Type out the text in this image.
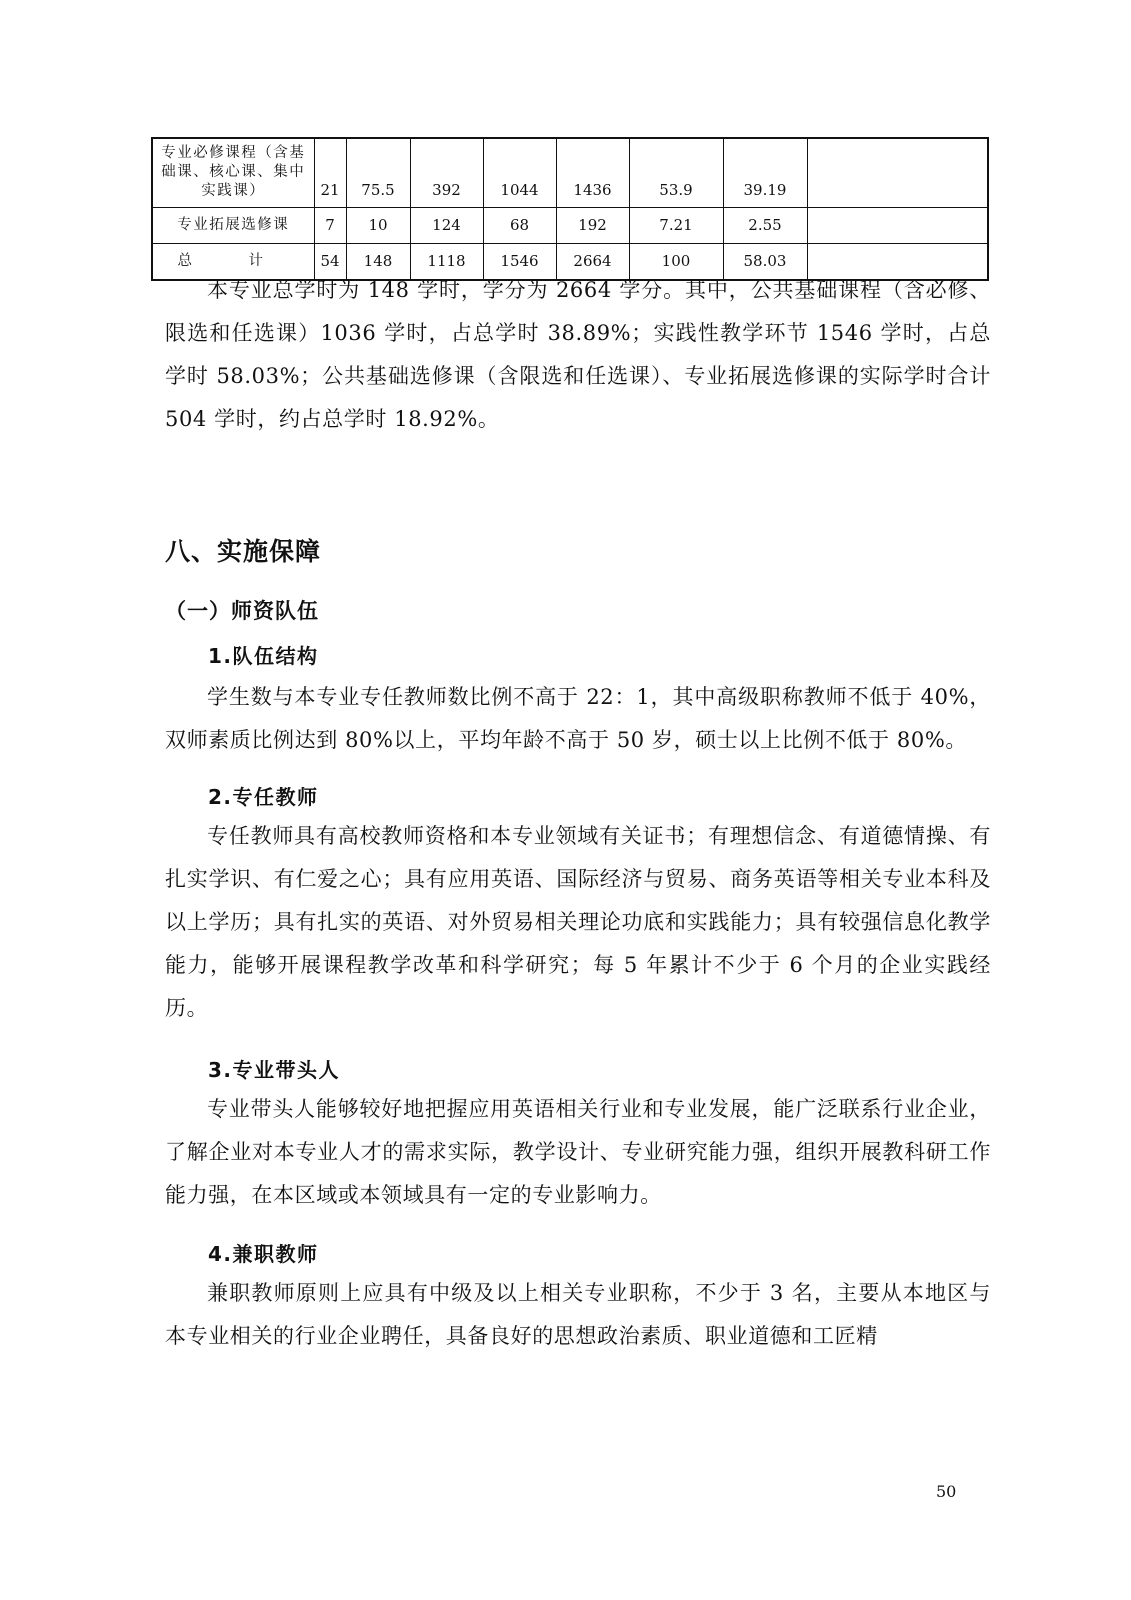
专业必修课程（含基础课、核心课、集中实践课）	21	75.5	392	1044	1436	53.9	39.19	
专业拓展选修课	7	10	124	68	192	7.21	2.55	
总 计	54	148	1118	1546	2664	100	58.03	

本专业总学时为 148 学时，学分为 2664 学分。其中，公共基础课程（含必修、限选和任选课）1036 学时，占总学时 38.89%；实践性教学环节 1546 学时，占总学时 58.03%；公共基础选修课（含限选和任选课）、专业拓展选修课的实际学时合计 504 学时，约占总学时 18.92%。

八、实施保障
（一）师资队伍
1.队伍结构

学生数与本专业专任教师数比例不高于 22：1，其中高级职称教师不低于 40%，双师素质比例达到 80%以上，平均年龄不高于 50 岁，硕士以上比例不低于 80%。

2.专任教师

专任教师具有高校教师资格和本专业领域有关证书；有理想信念、有道德情操、有扎实学识、有仁爱之心；具有应用英语、国际经济与贸易、商务英语等相关专业本科及以上学历；具有扎实的英语、对外贸易相关理论功底和实践能力；具有较强信息化教学能力，能够开展课程教学改革和科学研究；每 5 年累计不少于 6 个月的企业实践经历。

3.专业带头人

专业带头人能够较好地把握应用英语相关行业和专业发展，能广泛联系行业企业，了解企业对本专业人才的需求实际，教学设计、专业研究能力强，组织开展教科研工作能力强，在本区域或本领域具有一定的专业影响力。

4.兼职教师

兼职教师原则上应具有中级及以上相关专业职称，不少于 3 名，主要从本地区与本专业相关的行业企业聘任，具备良好的思想政治素质、职业道德和工匠精

50
